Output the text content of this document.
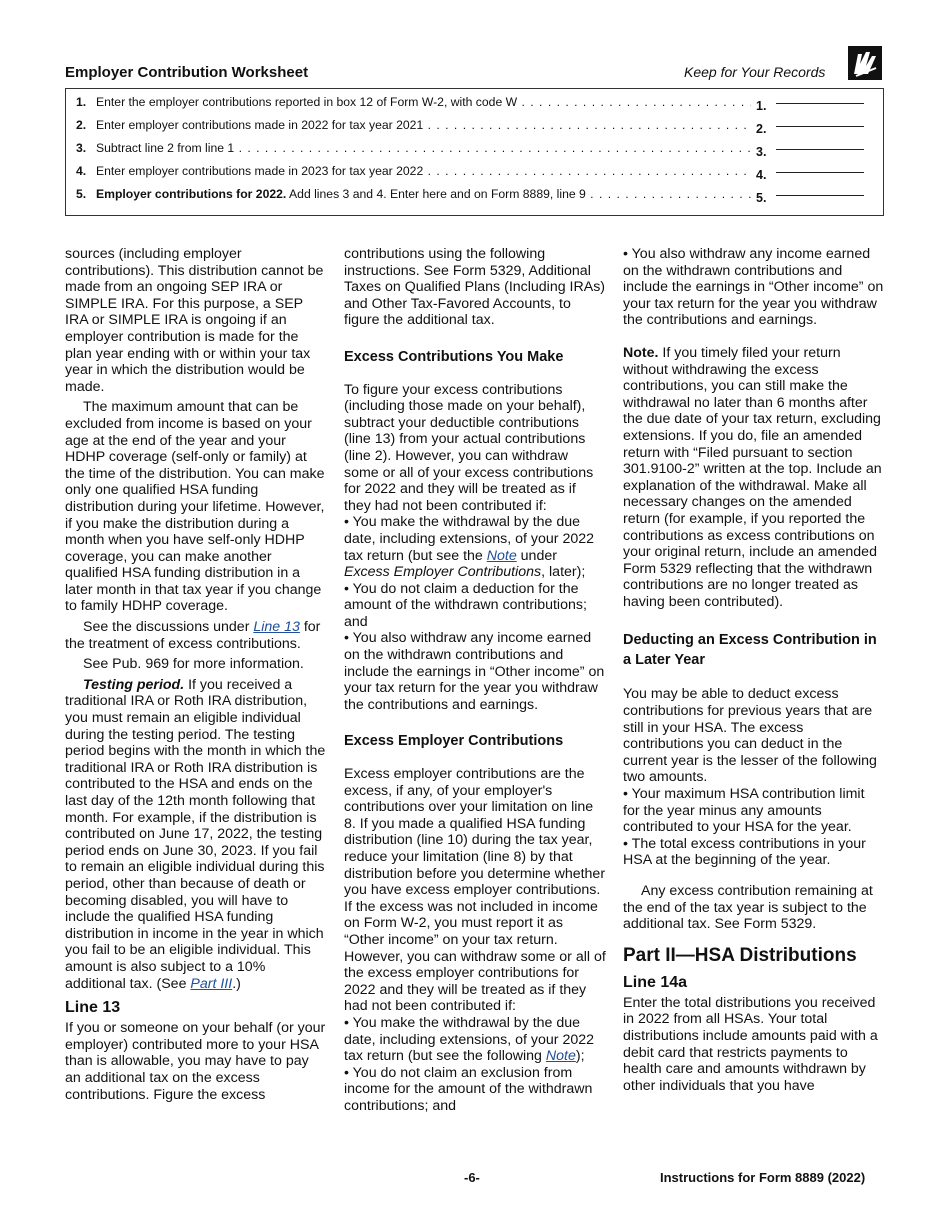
Employer Contribution Worksheet	Keep for Your Records
1. Enter the employer contributions reported in box 12 of Form W-2, with code W . . .	1.
2. Enter employer contributions made in 2022 for tax year 2021 . . .	2.
3. Subtract line 2 from line 1 . . .	3.
4. Enter employer contributions made in 2023 for tax year 2022 . . .	4.
5. Employer contributions for 2022. Add lines 3 and 4. Enter here and on Form 8889, line 9 . . .	5.

sources (including employer contributions). This distribution cannot be made from an ongoing SEP IRA or SIMPLE IRA. For this purpose, a SEP IRA or SIMPLE IRA is ongoing if an employer contribution is made for the plan year ending with or within your tax year in which the distribution would be made.

The maximum amount that can be excluded from income is based on your age at the end of the year and your HDHP coverage (self-only or family) at the time of the distribution. You can make only one qualified HSA funding distribution during your lifetime. However, if you make the distribution during a month when you have self-only HDHP coverage, you can make another qualified HSA funding distribution in a later month in that tax year if you change to family HDHP coverage.

See the discussions under Line 13 for the treatment of excess contributions.

See Pub. 969 for more information.

Testing period. If you received a traditional IRA or Roth IRA distribution, you must remain an eligible individual during the testing period. The testing period begins with the month in which the traditional IRA or Roth IRA distribution is contributed to the HSA and ends on the last day of the 12th month following that month. For example, if the distribution is contributed on June 17, 2022, the testing period ends on June 30, 2023. If you fail to remain an eligible individual during this period, other than because of death or becoming disabled, you will have to include the qualified HSA funding distribution in income in the year in which you fail to be an eligible individual. This amount is also subject to a 10% additional tax. (See Part III.)

Line 13

If you or someone on your behalf (or your employer) contributed more to your HSA than is allowable, you may have to pay an additional tax on the excess contributions. Figure the excess

contributions using the following instructions. See Form 5329, Additional Taxes on Qualified Plans (Including IRAs) and Other Tax-Favored Accounts, to figure the additional tax.

Excess Contributions You Make

To figure your excess contributions (including those made on your behalf), subtract your deductible contributions (line 13) from your actual contributions (line 2). However, you can withdraw some or all of your excess contributions for 2022 and they will be treated as if they had not been contributed if:

• You make the withdrawal by the due date, including extensions, of your 2022 tax return (but see the Note under Excess Employer Contributions, later);

• You do not claim a deduction for the amount of the withdrawn contributions; and

• You also withdraw any income earned on the withdrawn contributions and include the earnings in “Other income” on your tax return for the year you withdraw the contributions and earnings.

Excess Employer Contributions

Excess employer contributions are the excess, if any, of your employer's contributions over your limitation on line 8. If you made a qualified HSA funding distribution (line 10) during the tax year, reduce your limitation (line 8) by that distribution before you determine whether you have excess employer contributions. If the excess was not included in income on Form W-2, you must report it as “Other income” on your tax return. However, you can withdraw some or all of the excess employer contributions for 2022 and they will be treated as if they had not been contributed if:

• You make the withdrawal by the due date, including extensions, of your 2022 tax return (but see the following Note);

• You do not claim an exclusion from income for the amount of the withdrawn contributions; and

• You also withdraw any income earned on the withdrawn contributions and include the earnings in “Other income” on your tax return for the year you withdraw the contributions and earnings.

Note. If you timely filed your return without withdrawing the excess contributions, you can still make the withdrawal no later than 6 months after the due date of your tax return, excluding extensions. If you do, file an amended return with “Filed pursuant to section 301.9100-2” written at the top. Include an explanation of the withdrawal. Make all necessary changes on the amended return (for example, if you reported the contributions as excess contributions on your original return, include an amended Form 5329 reflecting that the withdrawn contributions are no longer treated as having been contributed).

Deducting an Excess Contribution in a Later Year

You may be able to deduct excess contributions for previous years that are still in your HSA. The excess contributions you can deduct in the current year is the lesser of the following two amounts.

• Your maximum HSA contribution limit for the year minus any amounts contributed to your HSA for the year.

• The total excess contributions in your HSA at the beginning of the year.

Any excess contribution remaining at the end of the tax year is subject to the additional tax. See Form 5329.

Part II—HSA Distributions

Line 14a

Enter the total distributions you received in 2022 from all HSAs. Your total distributions include amounts paid with a debit card that restricts payments to health care and amounts withdrawn by other individuals that you have

-6-	Instructions for Form 8889 (2022)
